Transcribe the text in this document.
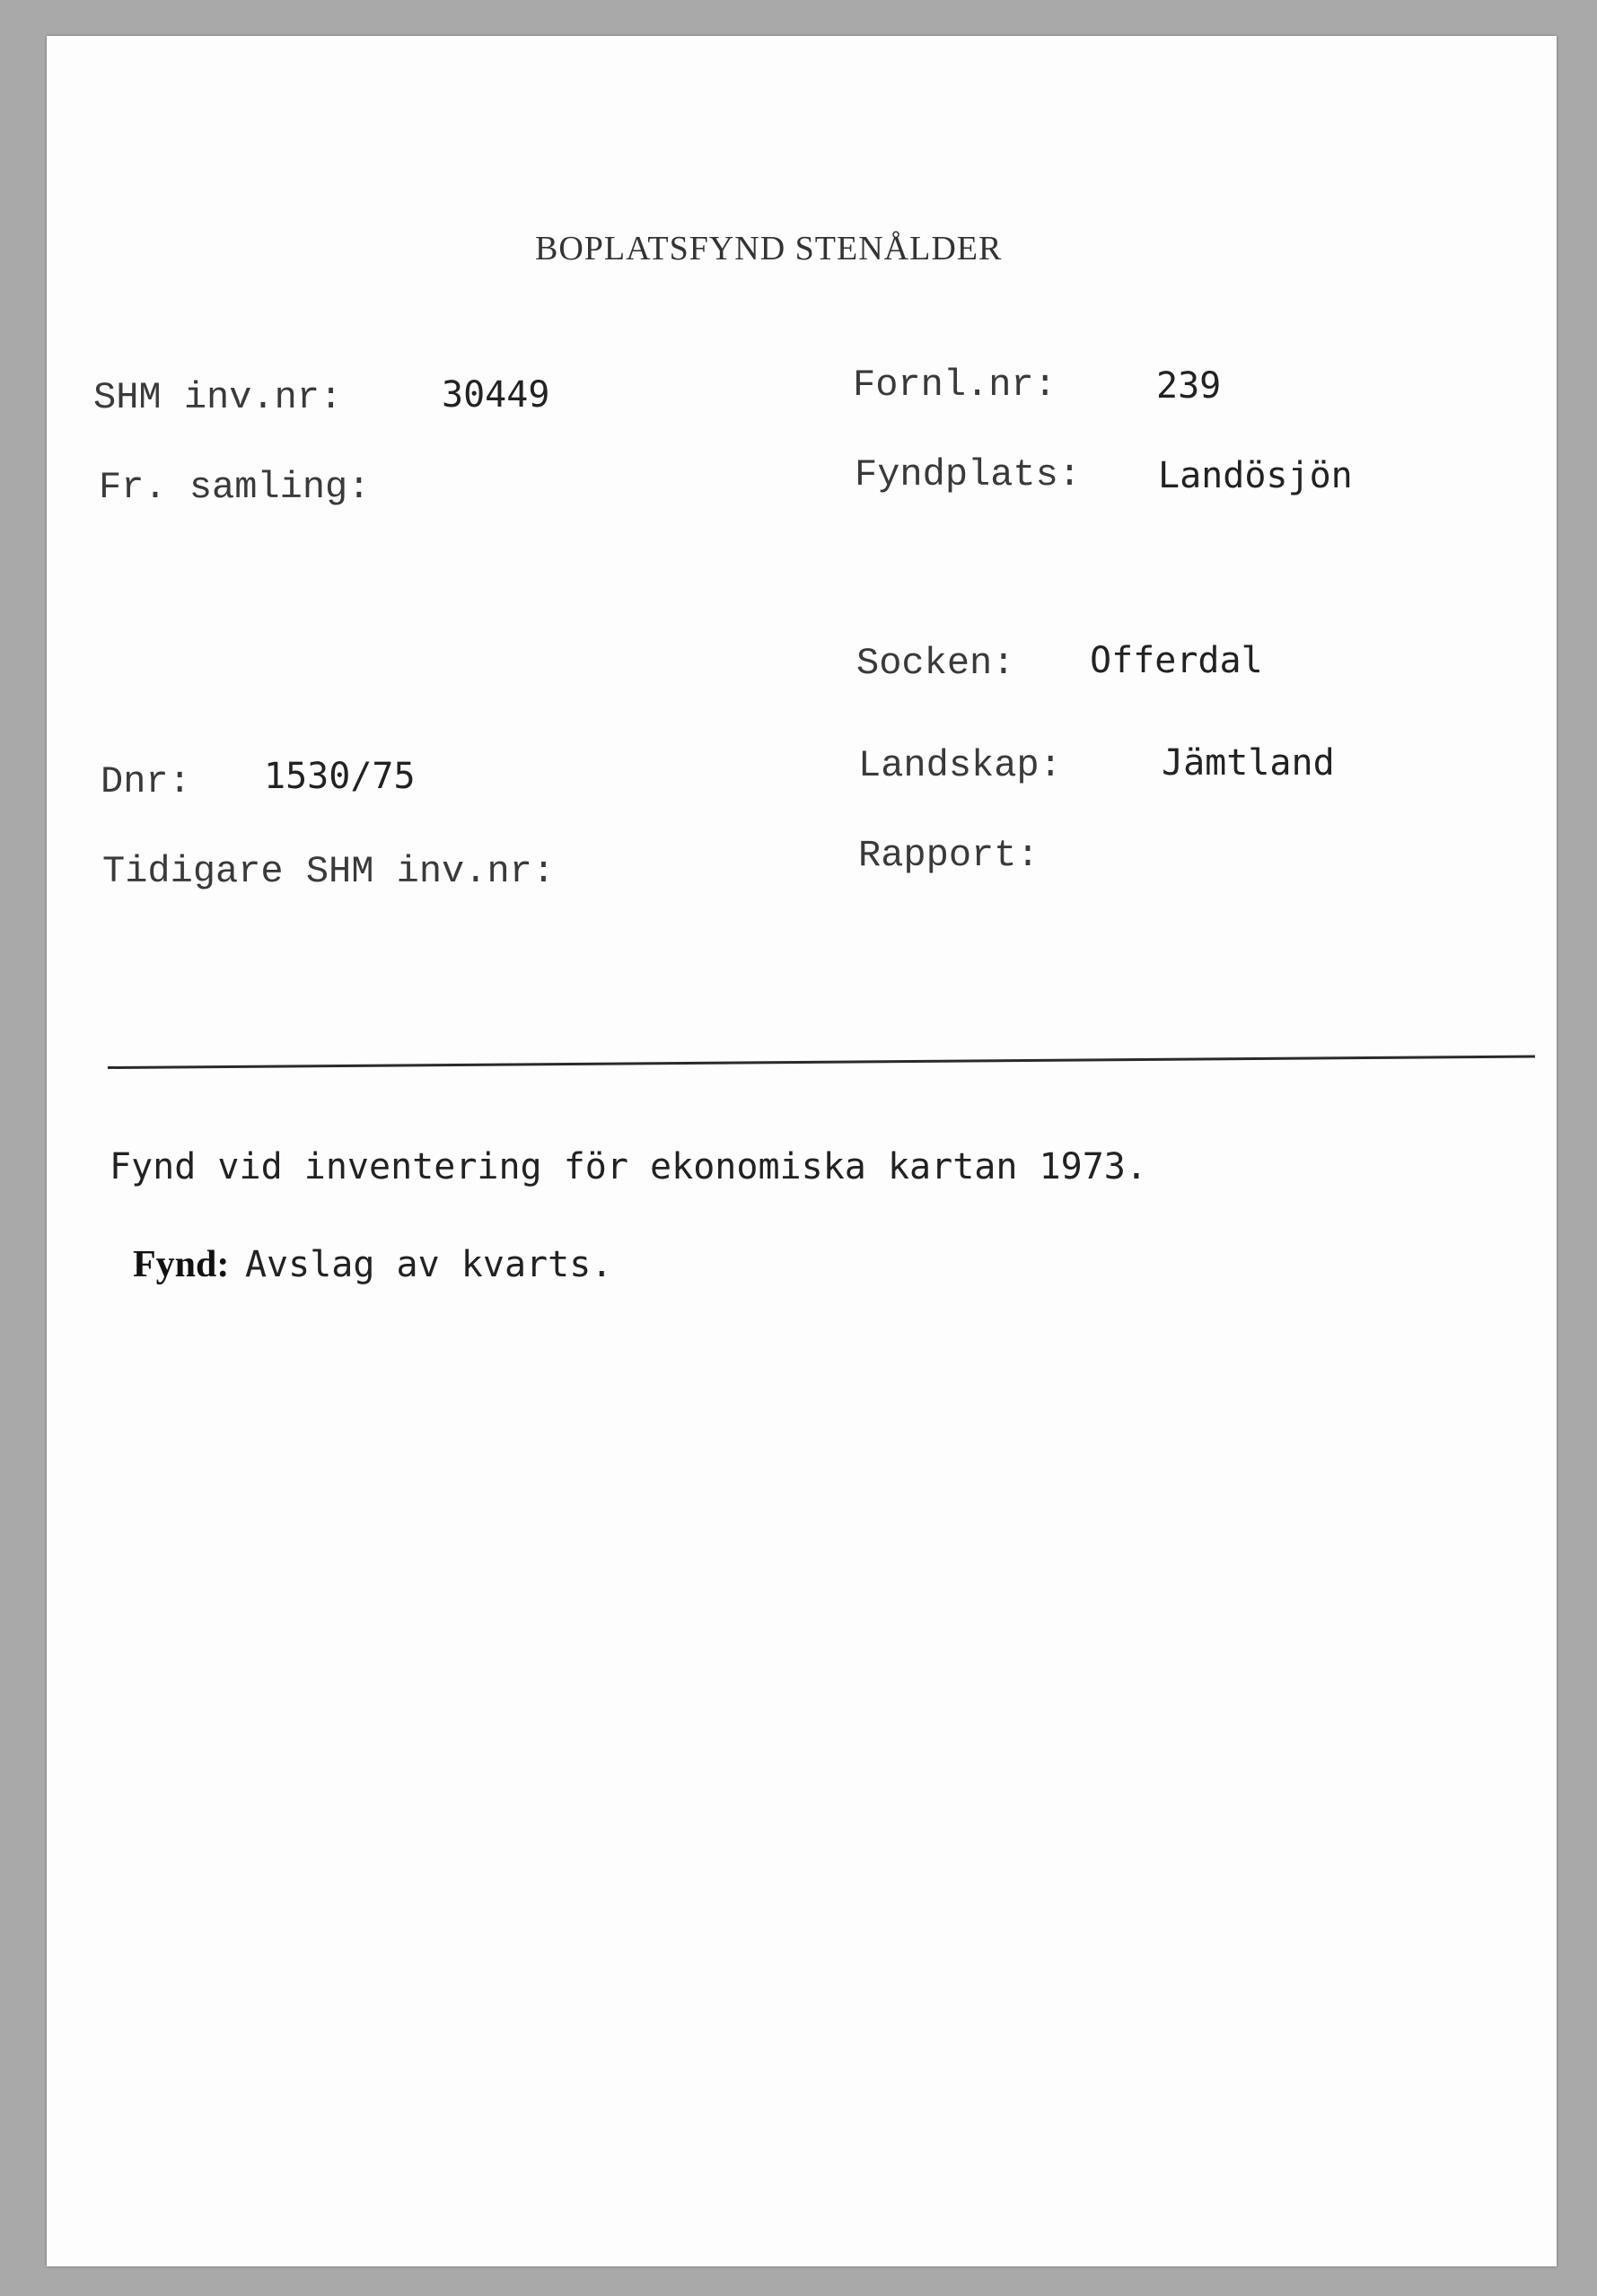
BOPLATSFYND STENÅLDER
SHM inv.nr:	30449
Fr. samling:
Dnr: 1530/75
Tidigare SHM inv.nr:
Fornl.nr:	239
Fyndplats: Landösjön
Socken: Offerdal
Landskap:	Jämtland
Rapport:
Fynd vid inventering för ekonomiska kartan 1973.
Fynd: Avslag av kvarts.
